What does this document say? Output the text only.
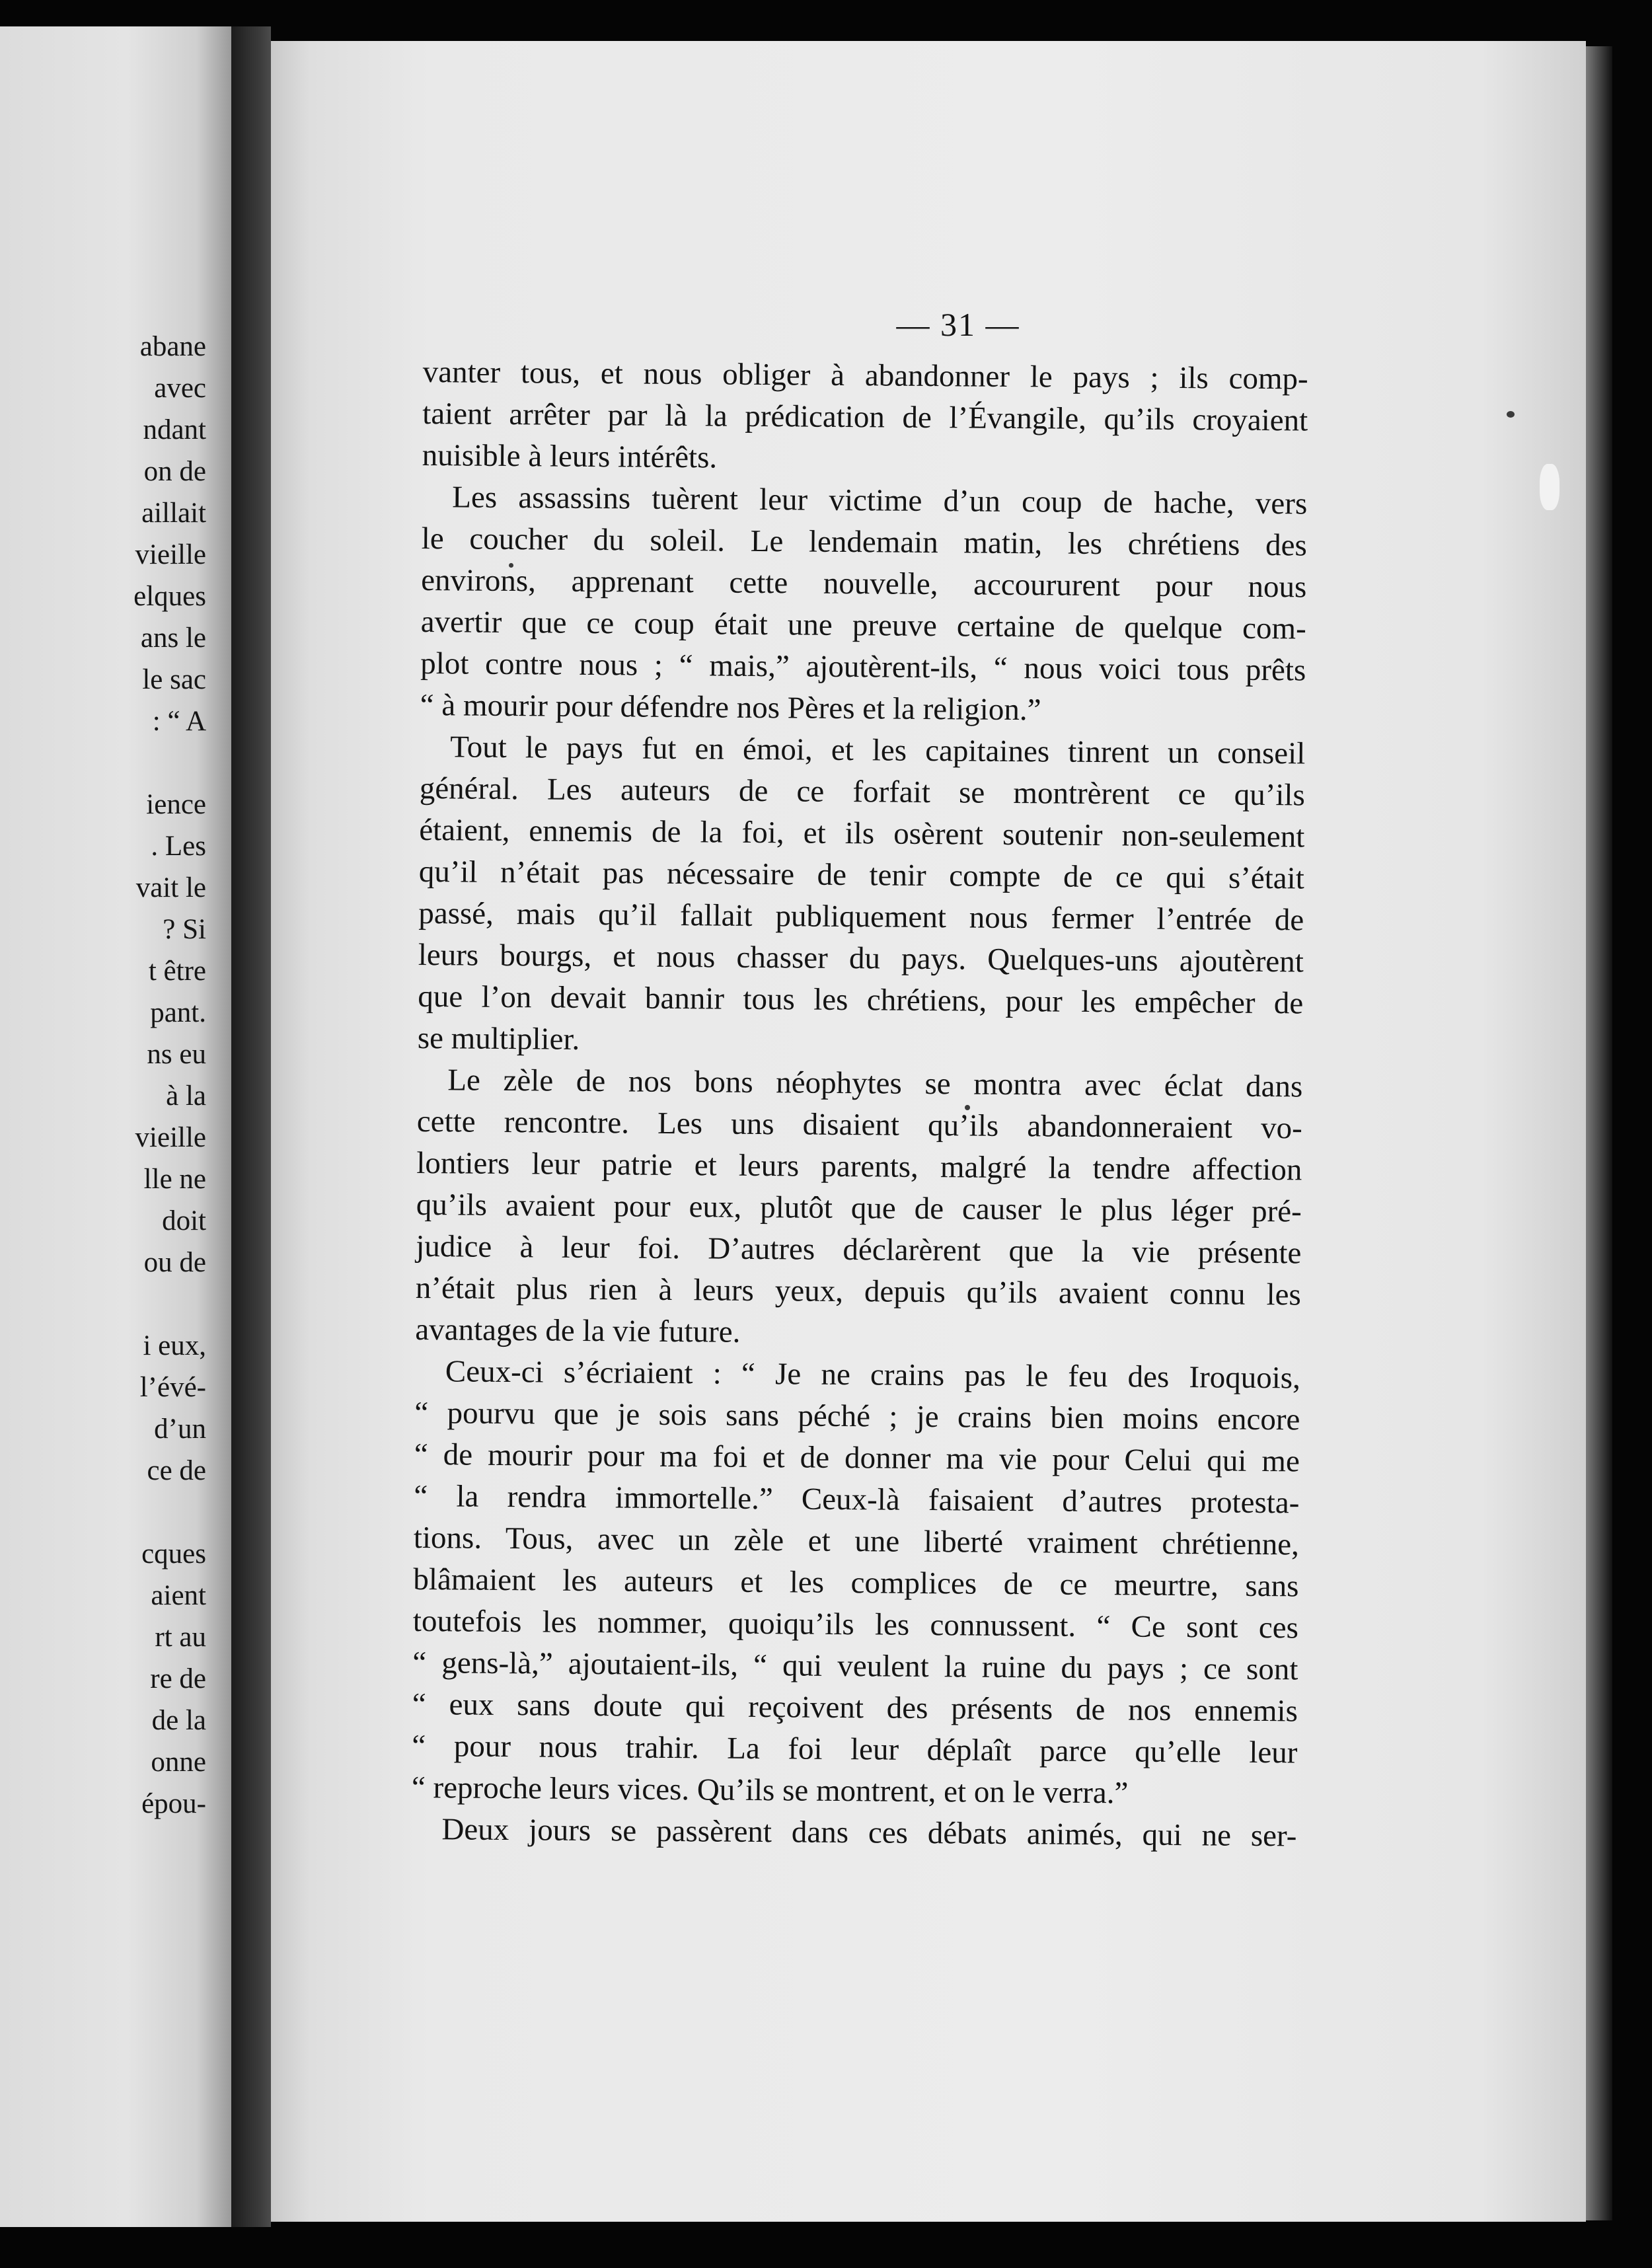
abane
avec
ndant
on de
aillait
vieille
elques
ans le
le sac
: “ A
ience
. Les
vait le
? Si
t être
pant.
ns eu
à la
vieille
lle ne
doit
ou de
i eux,
l’évé-
d’un
ce de
cques
aient
rt au
re de
de la
onne
épou-
— 31 —
vanter tous, et nous obliger à abandonner le pays ; ils comp-
taient arrêter par là la prédication de l’Évangile, qu’ils croyaient
nuisible à leurs intérêts.
Les assassins tuèrent leur victime d’un coup de hache, vers
le coucher du soleil. Le lendemain matin, les chrétiens des
environs, apprenant cette nouvelle, accoururent pour nous
avertir que ce coup était une preuve certaine de quelque com-
plot contre nous ; “ mais,” ajoutèrent-ils, “ nous voici tous prêts
“ à mourir pour défendre nos Pères et la religion.”
Tout le pays fut en émoi, et les capitaines tinrent un conseil
général. Les auteurs de ce forfait se montrèrent ce qu’ils
étaient, ennemis de la foi, et ils osèrent soutenir non-seulement
qu’il n’était pas nécessaire de tenir compte de ce qui s’était
passé, mais qu’il fallait publiquement nous fermer l’entrée de
leurs bourgs, et nous chasser du pays. Quelques-uns ajoutèrent
que l’on devait bannir tous les chrétiens, pour les empêcher de
se multiplier.
Le zèle de nos bons néophytes se montra avec éclat dans
cette rencontre. Les uns disaient qu’ils abandonneraient vo-
lontiers leur patrie et leurs parents, malgré la tendre affection
qu’ils avaient pour eux, plutôt que de causer le plus léger pré-
judice à leur foi. D’autres déclarèrent que la vie présente
n’était plus rien à leurs yeux, depuis qu’ils avaient connu les
avantages de la vie future.
Ceux-ci s’écriaient : “ Je ne crains pas le feu des Iroquois,
“ pourvu que je sois sans péché ; je crains bien moins encore
“ de mourir pour ma foi et de donner ma vie pour Celui qui me
“ la rendra immortelle.” Ceux-là faisaient d’autres protesta-
tions. Tous, avec un zèle et une liberté vraiment chrétienne,
blâmaient les auteurs et les complices de ce meurtre, sans
toutefois les nommer, quoiqu’ils les connussent. “ Ce sont ces
“ gens-là,” ajoutaient-ils, “ qui veulent la ruine du pays ; ce sont
“ eux sans doute qui reçoivent des présents de nos ennemis
“ pour nous trahir. La foi leur déplaît parce qu’elle leur
“ reproche leurs vices. Qu’ils se montrent, et on le verra.”
Deux jours se passèrent dans ces débats animés, qui ne ser-
